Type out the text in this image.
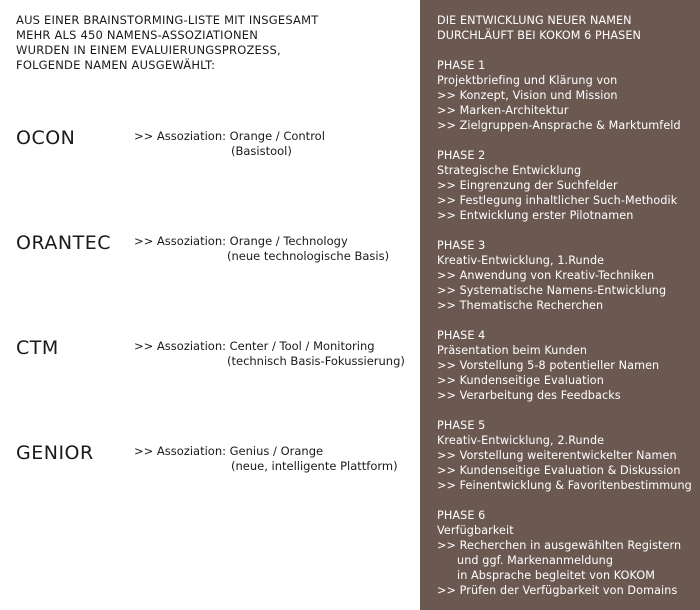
AUS EINER BRAINSTORMING-LISTE MIT INSGESAMT
MEHR ALS 450 NAMENS-ASSOZIATIONEN
WURDEN IN EINEM EVALUIERUNGSPROZESS,
FOLGENDE NAMEN AUSGEWÄHLT:
OCON	>> Assoziation: Orange / Control
(Basistool)
ORANTEC >> Assoziation: Orange / Technology
(neue technologische Basis)
CTM	>> Assoziation: Center / Tool / Monitoring
(technisch Basis-Fokussierung)
GENIOR	>> Assoziation: Genius / Orange
(neue, intelligente Plattform)
DIE ENTWICKLUNG NEUER NAMEN
DURCHLÄUFT BEI KOKOM 6 PHASEN
PHASE 1
Projektbriefing und Klärung von
>> Konzept, Vision und Mission
>> Marken-Architektur
>> Zielgruppen-Ansprache & Marktumfeld
PHASE 2
Strategische Entwicklung
>> Eingrenzung der Suchfelder
>> Festlegung inhaltlicher Such-Methodik
>> Entwicklung erster Pilotnamen
PHASE 3
Kreativ-Entwicklung, 1.Runde
>> Anwendung von Kreativ-Techniken
>> Systematische Namens-Entwicklung
>> Thematische Recherchen
PHASE 4
Präsentation beim Kunden
>> Vorstellung 5-8 potentieller Namen
>> Kundenseitige Evaluation
>> Verarbeitung des Feedbacks
PHASE 5
Kreativ-Entwicklung, 2.Runde
>> Vorstellung weiterentwickelter Namen
>> Kundenseitige Evaluation & Diskussion
>> Feinentwicklung & Favoritenbestimmung
PHASE 6
Verfügbarkeit
>> Recherchen in ausgewählten Registern
und ggf. Markenanmeldung
in Absprache begleitet von KOKOM
>> Prüfen der Verfügbarkeit von Domains
